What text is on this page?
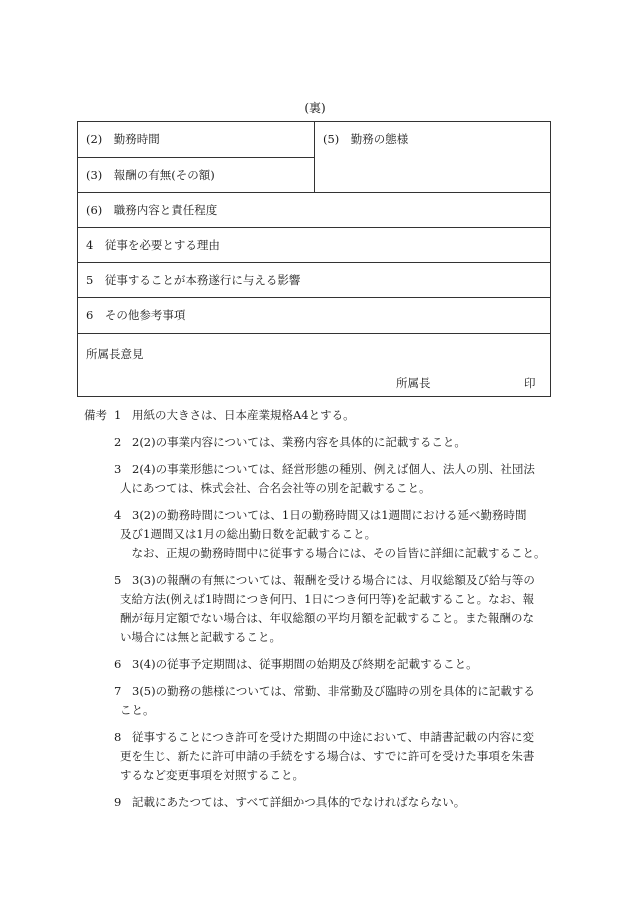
(裏)
(2)　勤務時間	(5)　勤務の態様
(3)　報酬の有無(その額)
(6)　職務内容と責任程度
4　従事を必要とする理由
5　従事することが本務遂行に与える影響
6　その他参考事項
所属長意見
所属長	印
備考 1 用紙の大きさは、日本産業規格A4とする。
2 2(2)の事業内容については、業務内容を具体的に記載すること。
3 2(4)の事業形態については、経営形態の種別、例えば個人、法人の別、社団法
人にあつては、株式会社、合名会社等の別を記載すること。
4 3(2)の勤務時間については、1日の勤務時間又は1週間における延べ勤務時間
及び1週間又は1月の総出勤日数を記載すること。
　なお、正規の勤務時間中に従事する場合には、その旨皆に詳細に記載すること。
5 3(3)の報酬の有無については、報酬を受ける場合には、月収総額及び給与等の
支給方法(例えば1時間につき何円、1日につき何円等)を記載すること。なお、報
酬が毎月定額でない場合は、年収総額の平均月額を記載すること。また報酬のな
い場合には無と記載すること。
6 3(4)の従事予定期間は、従事期間の始期及び終期を記載すること。
7 3(5)の勤務の態様については、常勤、非常勤及び臨時の別を具体的に記載する
こと。
8 従事することにつき許可を受けた期間の中途において、申請書記載の内容に変
更を生じ、新たに許可申請の手続をする場合は、すでに許可を受けた事項を朱書
するなど変更事項を対照すること。
9 記載にあたつては、すべて詳細かつ具体的でなければならない。
